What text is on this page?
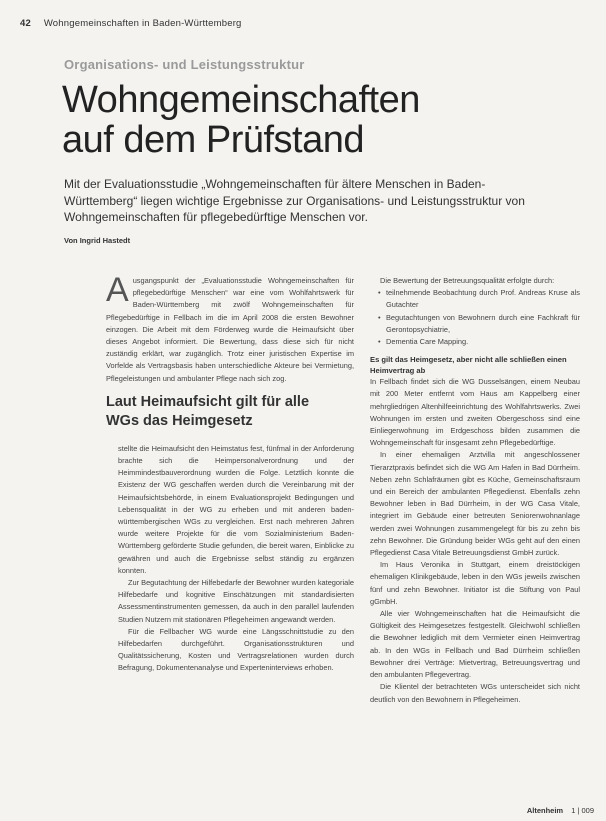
42 Wohngemeinschaften in Baden-Württemberg
Organisations- und Leistungsstruktur
Wohngemeinschaften
auf dem Prüfstand
Mit der Evaluationsstudie „Wohngemeinschaften für ältere Menschen in Baden-Württemberg“ liegen wichtige Ergebnisse zur Organisations- und Leistungsstruktur von Wohngemeinschaften für pflegebedürftige Menschen vor.
Von Ingrid Hastedt

Ausgangspunkt der „Evaluationsstudie Wohngemeinschaften für pflegebedürftige Menschen“ war eine vom Wohlfahrtswerk für Baden-Württemberg mit zwölf Wohngemeinschaften für Pflegebedürftige in Fellbach im die im April 2008 die ersten Bewohner einzogen. Die Arbeit mit dem Förderweg wurde die Heimaufsicht über dieses Angebot informiert. Die Bewertung, dass diese sich für nicht zuständig erklärt, war zugänglich. Trotz einer juristischen Expertise im Vorfelde als Vertragsbasis haben unterschiedliche Akteure bei Vermietung, Pflegeleistungen und ambulanter Pflege nach sich zog.

Laut Heimaufsicht gilt für alle
WGs das Heimgesetz

stellte die Heimaufsicht den Heimstatus fest, fünfmal in der Anforderung brachte sich die Heimpersonalverordnung und der Heimmindestbauverordnung wurden die Folge. Letztlich konnte die Existenz der WG geschaffen werden durch die Vereinbarung mit der Heimaufsichtsbehörde, in einem Evaluationsprojekt Bedingungen und Lebensqualität in der WG zu erheben und mit anderen baden-württembergischen WGs zu vergleichen. Erst nach mehreren Jahren wurde weitere Projekte für die vom Sozialministerium Baden-Württemberg geförderte Studie gefunden, die bereit waren, Einblicke zu gewähren und auch die Ergebnisse selbst ständig zu ergänzen konnten.

Zur Begutachtung der Hilfebedarfe der Bewohner wurden kategoriale Hilfebedarfe und kognitive Einschätzungen mit standardisierten Assessmentinstrumenten gemessen, da auch in den parallel laufenden Studien Nutzern mit stationären Pflegeheimen angewandt werden.

Für die Fellbacher WG wurde eine Längsschnittstudie zu den Hilfebedarfen durchgeführt. Organisationsstrukturen und Qualitätssicherung, Kosten und Vertragsrelationen wurden durch Befragung, Dokumentenanalyse und Experteninterviews erhoben.

Die Bewertung der Betreuungsqualität erfolgte durch:

• teilnehmende Beobachtung durch Prof. Andreas Kruse als Gutachter
• Begutachtungen von Bewohnern durch eine Fachkraft für Gerontopsychiatrie,
• Dementia Care Mapping.
Es gilt das Heimgesetz, aber nicht alle schließen einen Heimvertrag ab

In Fellbach findet sich die WG Dusselsängen, einem Neubau mit 200 Meter entfernt vom Haus am Kappelberg einer mehrgliedrigen Altenhilfeeinrichtung des Wohlfahrtswerks. Zwei Wohnungen im ersten und zweiten Obergeschoss sind eine Einliegerwohnung im Erdgeschoss bilden zusammen die Wohngemeinschaft für insgesamt zehn Pflegebedürftige.

In einer ehemaligen Arztvilla mit angeschlossener Tierarztpraxis befindet sich die WG Am Hafen in Bad Dürrheim. Neben zehn Schlafräumen gibt es Küche, Gemeinschaftsraum und ein Bereich der ambulanten Pflegedienst. Ebenfalls zehn Bewohner leben in Bad Dürrheim, in der WG Casa Vitale, integriert im Gebäude einer betreuten Seniorenwohnanlage werden zwei Wohnungen zusammengelegt für bis zu zehn bis zehn Bewohner. Die Gründung beider WGs geht auf den einen Pflegedienst Casa Vitale Betreuungsdienst GmbH zurück.

Im Haus Veronika in Stuttgart, einem dreistöckigen ehemaligen Klinikgebäude, leben in den WGs jeweils zwischen fünf und zehn Bewohner. Initiator ist die Stiftung von Paul gGmbH.

Alle vier Wohngemeinschaften hat die Heimaufsicht die Gültigkeit des Heimgesetzes festgestellt. Gleichwohl schließen die Bewohner lediglich mit dem Vermieter einen Heimvertrag ab. In den WGs in Fellbach und Bad Dürrheim schließen Bewohner drei Verträge: Mietvertrag, Betreuungsvertrag und den ambulanten Pflegevertrag.

Die Klientel der betrachteten WGs unterscheidet sich nicht deutlich von den Bewohnern in Pflegeheimen.

Altenheim 1 | 009
